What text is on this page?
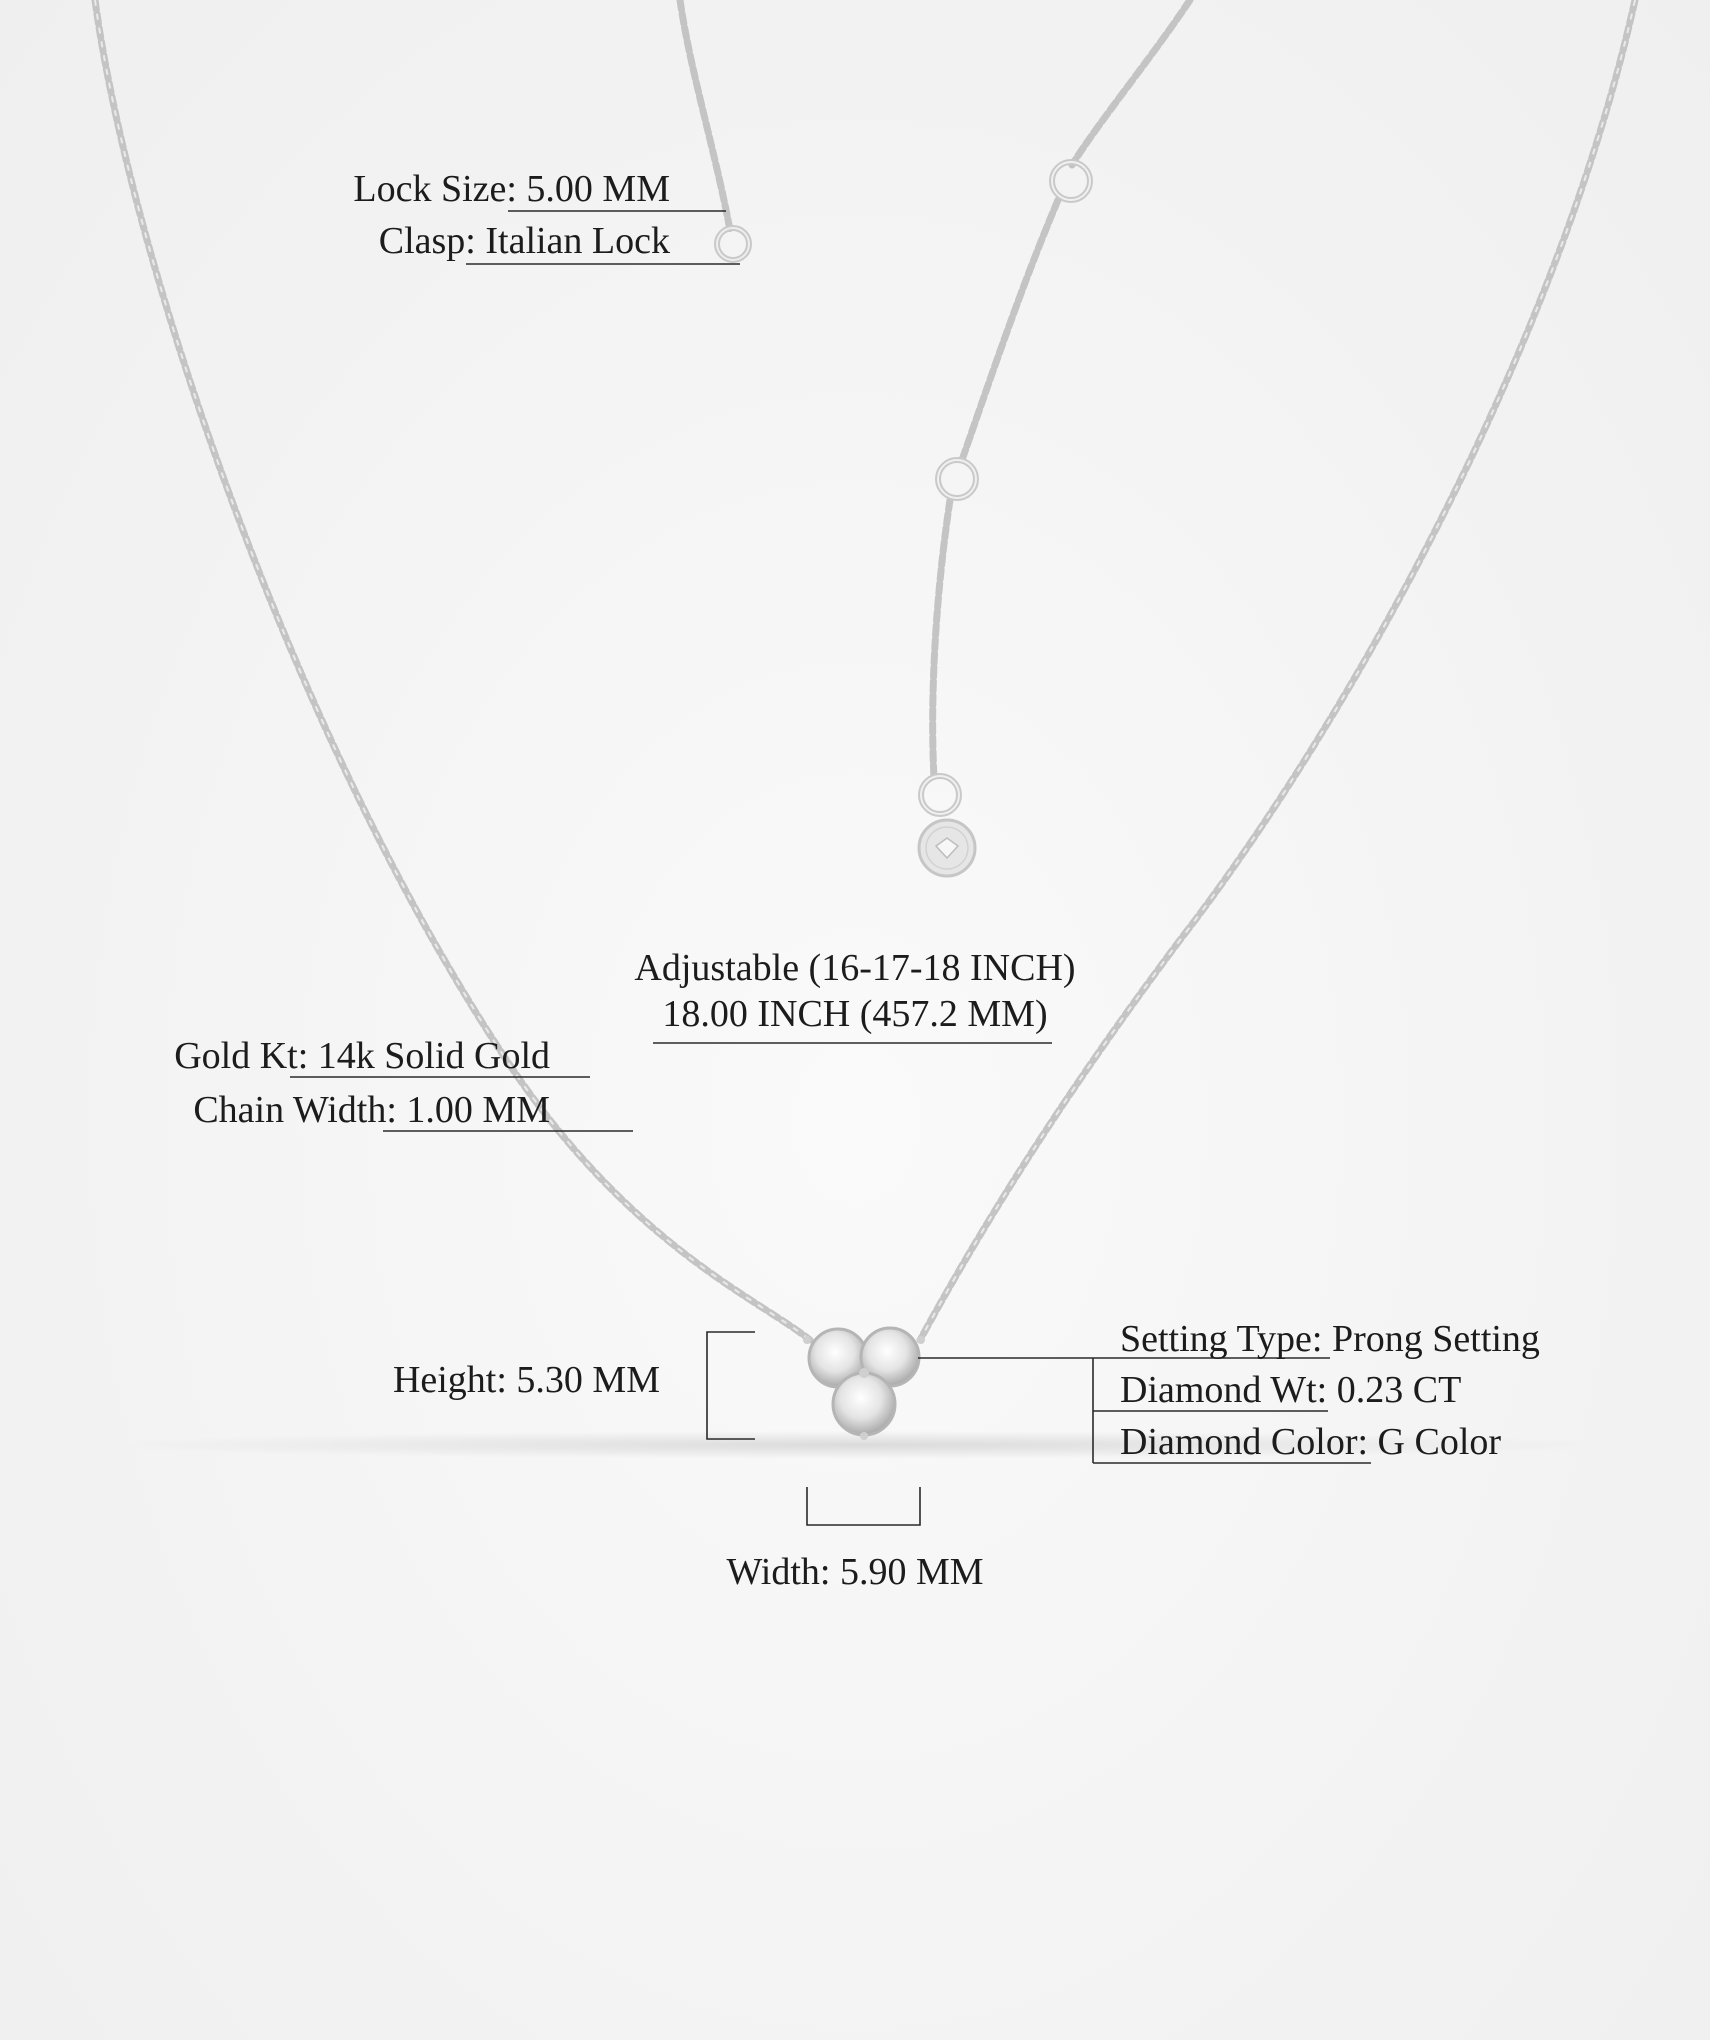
Lock Size: 5.00 MM
Clasp: Italian Lock
Adjustable (16-17-18 INCH)
18.00 INCH (457.2 MM)
Gold Kt: 14k Solid Gold
Chain Width: 1.00 MM
Height: 5.30 MM
Width: 5.90 MM
Setting Type: Prong Setting
Diamond Wt: 0.23 CT
Diamond Color: G Color
